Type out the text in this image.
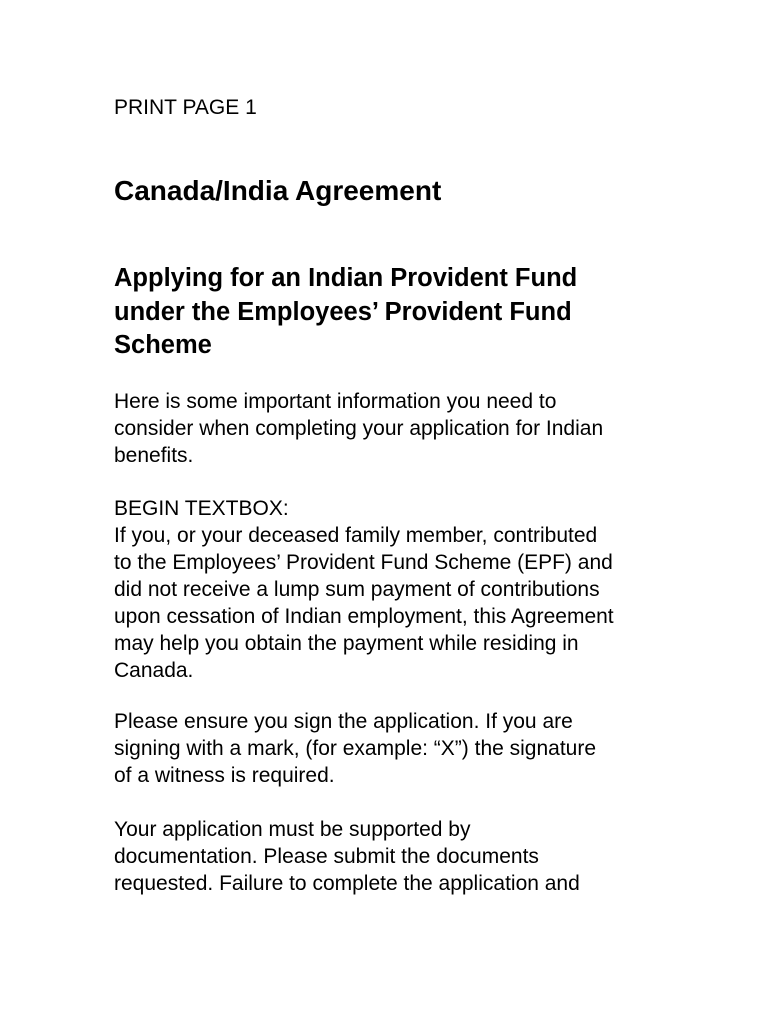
PRINT PAGE 1
Canada/India Agreement
Applying for an Indian Provident Fund
under the Employees’ Provident Fund
Scheme

Here is some important information you need to
consider when completing your application for Indian
benefits.

BEGIN TEXTBOX:
If you, or your deceased family member, contributed
to the Employees’ Provident Fund Scheme (EPF) and
did not receive a lump sum payment of contributions
upon cessation of Indian employment, this Agreement
may help you obtain the payment while residing in
Canada.

Please ensure you sign the application. If you are
signing with a mark, (for example: “X”) the signature
of a witness is required.

Your application must be supported by
documentation. Please submit the documents
requested. Failure to complete the application and
